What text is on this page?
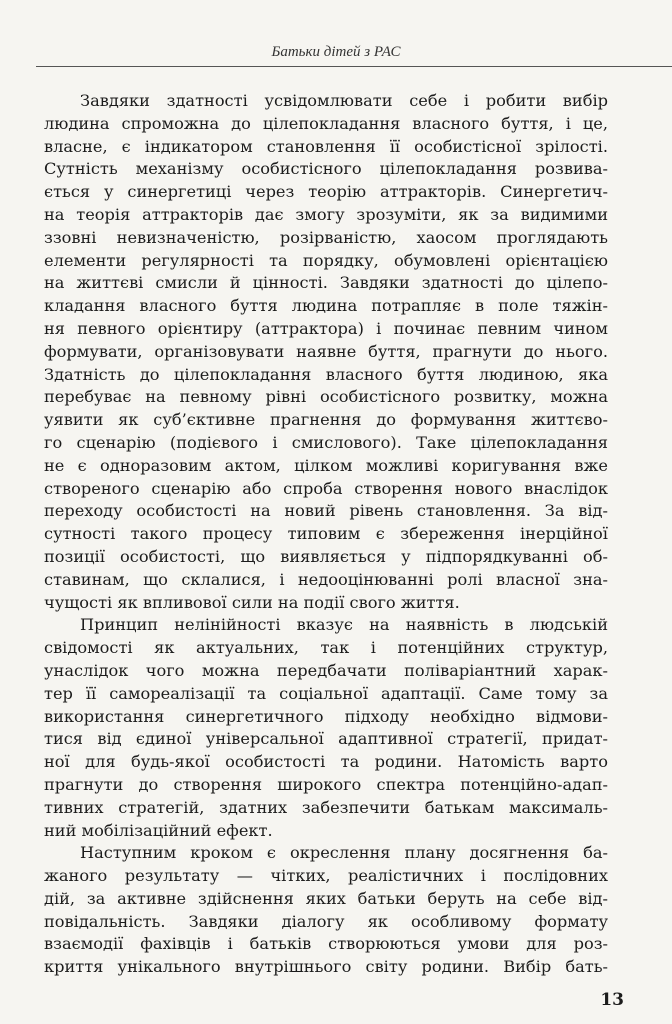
Батьки дітей з РАС
Завдяки здатності усвідомлювати себе і робити вибір
людина спроможна до цілепокладання власного буття, і це,
власне, є індикатором становлення її особистісної зрілості.
Сутність механізму особистісного цілепокладання розвива-
ється у синергетиці через теорію аттракторів. Синергетич-
на теорія аттракторів дає змогу зрозуміти, як за видимими
ззовні невизначеністю, розірваністю, хаосом проглядають
елементи регулярності та порядку, обумовлені орієнтацією
на життєві смисли й цінності. Завдяки здатності до цілепо-
кладання власного буття людина потрапляє в поле тяжін-
ня певного орієнтиру (аттрактора) і починає певним чином
формувати, організовувати наявне буття, прагнути до нього.
Здатність до цілепокладання власного буття людиною, яка
перебуває на певному рівні особистісного розвитку, можна
уявити як суб’єктивне прагнення до формування життєво-
го сценарію (подієвого і смислового). Таке цілепокладання
не є одноразовим актом, цілком можливі коригування вже
створеного сценарію або спроба створення нового внаслідок
переходу особистості на новий рівень становлення. За від-
сутності такого процесу типовим є збереження інерційної
позиції особистості, що виявляється у підпорядкуванні об-
ставинам, що склалися, і недооцінюванні ролі власної зна-
чущості як впливової сили на події свого життя.
Принцип нелінійності вказує на наявність в людській
свідомості як актуальних, так і потенційних структур,
унаслідок чого можна передбачати поліваріантний харак-
тер її самореалізації та соціальної адаптації. Саме тому за
використання синергетичного підходу необхідно відмови-
тися від єдиної універсальної адаптивної стратегії, придат-
ної для будь-якої особистості та родини. Натомість варто
прагнути до створення широкого спектра потенційно-адап-
тивних стратегій, здатних забезпечити батькам максималь-
ний мобілізаційний ефект.
Наступним кроком є окреслення плану досягнення ба-
жаного результату — чітких, реалістичних і послідовних
дій, за активне здійснення яких батьки беруть на себе від-
повідальність. Завдяки діалогу як особливому формату
взаємодії фахівців і батьків створюються умови для роз-
криття унікального внутрішнього світу родини. Вибір бать-
13
